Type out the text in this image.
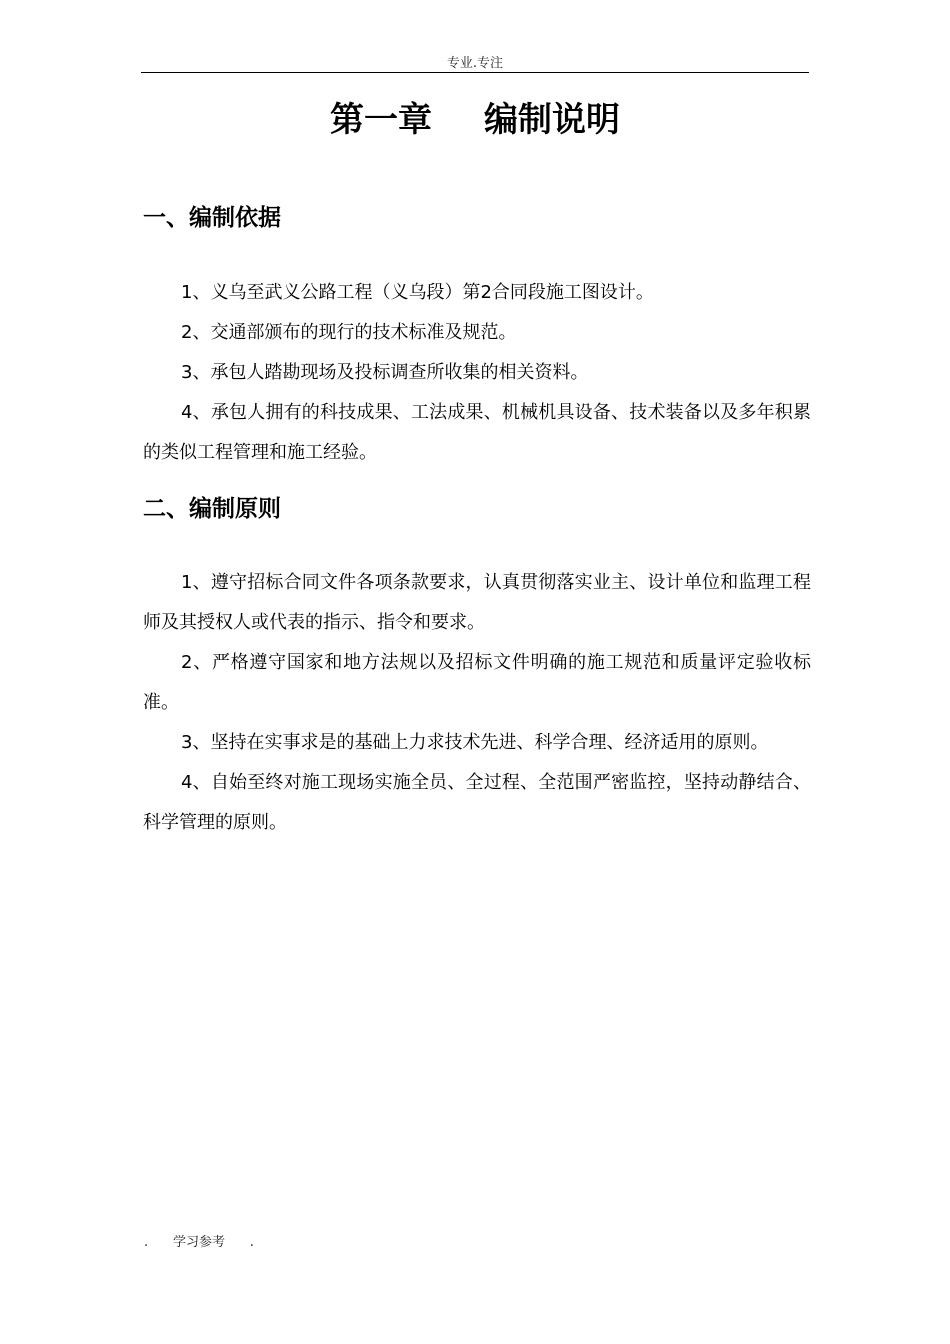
专业.专注
第一章 编制说明
一、编制依据
1、义乌至武义公路工程（义乌段）第2合同段施工图设计。
2、交通部颁布的现行的技术标准及规范。
3、承包人踏勘现场及投标调查所收集的相关资料。
4、承包人拥有的科技成果、工法成果、机械机具设备、技术装备以及多年积累的类似工程管理和施工经验。
二、编制原则
1、遵守招标合同文件各项条款要求，认真贯彻落实业主、设计单位和监理工程师及其授权人或代表的指示、指令和要求。
2、严格遵守国家和地方法规以及招标文件明确的施工规范和质量评定验收标准。
3、坚持在实事求是的基础上力求技术先进、科学合理、经济适用的原则。
4、自始至终对施工现场实施全员、全过程、全范围严密监控，坚持动静结合、科学管理的原则。
. 学习参考 .
